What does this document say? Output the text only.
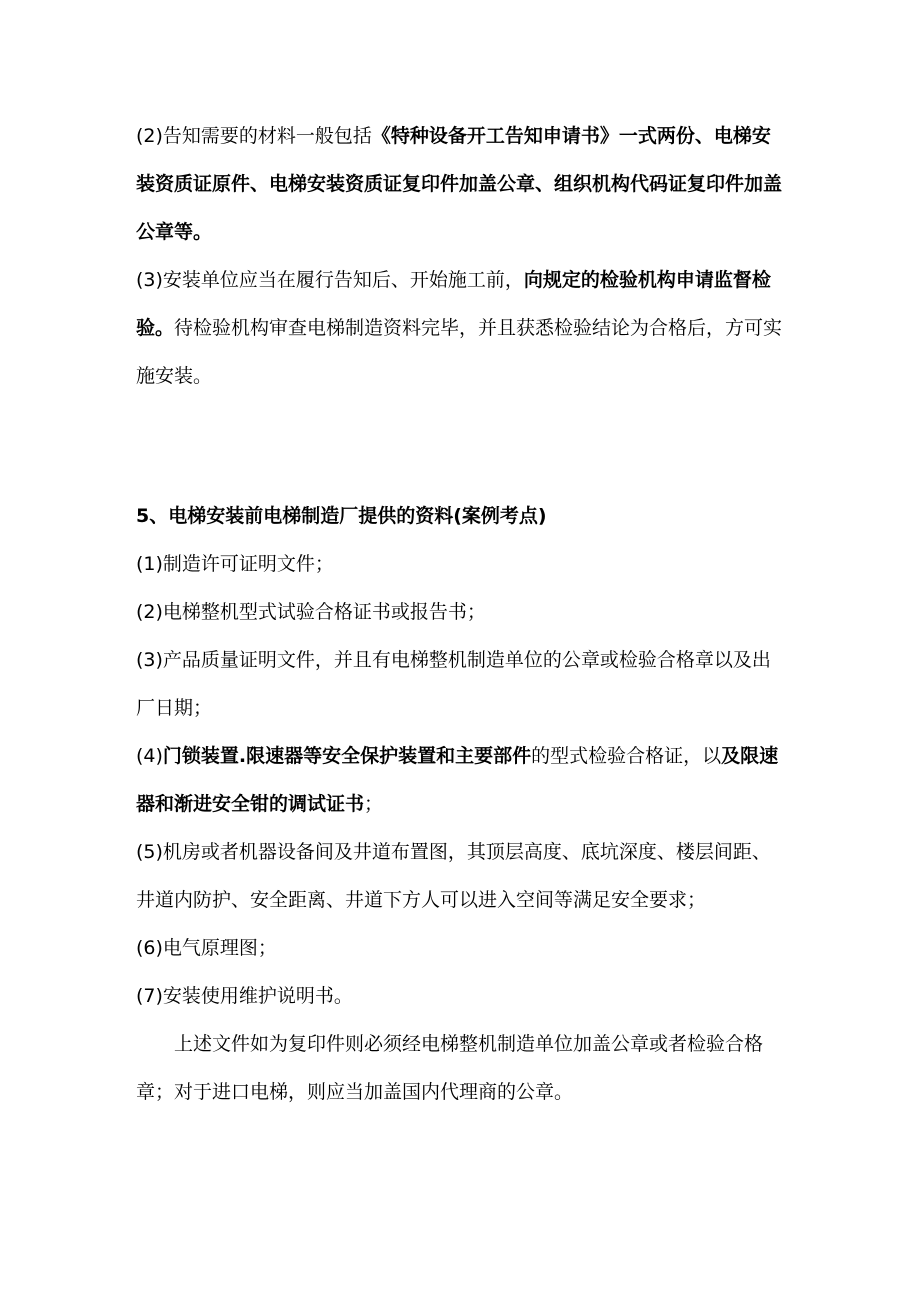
(2)告知需要的材料一般包括《特种设备开工告知申请书》一式两份、电梯安装资质证原件、电梯安装资质证复印件加盖公章、组织机构代码证复印件加盖公章等。

(3)安装单位应当在履行告知后、开始施工前，向规定的检验机构申请监督检验。待检验机构审查电梯制造资料完毕，并且获悉检验结论为合格后，方可实施安装。

5、电梯安装前电梯制造厂提供的资料(案例考点)

(1)制造许可证明文件；

(2)电梯整机型式试验合格证书或报告书；

(3)产品质量证明文件，并且有电梯整机制造单位的公章或检验合格章以及出厂日期；

(4)门锁装置.限速器等安全保护装置和主要部件的型式检验合格证，以及限速器和渐进安全钳的调试证书；

(5)机房或者机器设备间及井道布置图，其顶层高度、底坑深度、楼层间距、井道内防护、安全距离、井道下方人可以进入空间等满足安全要求；

(6)电气原理图；

(7)安装使用维护说明书。

上述文件如为复印件则必须经电梯整机制造单位加盖公章或者检验合格章；对于进口电梯，则应当加盖国内代理商的公章。
